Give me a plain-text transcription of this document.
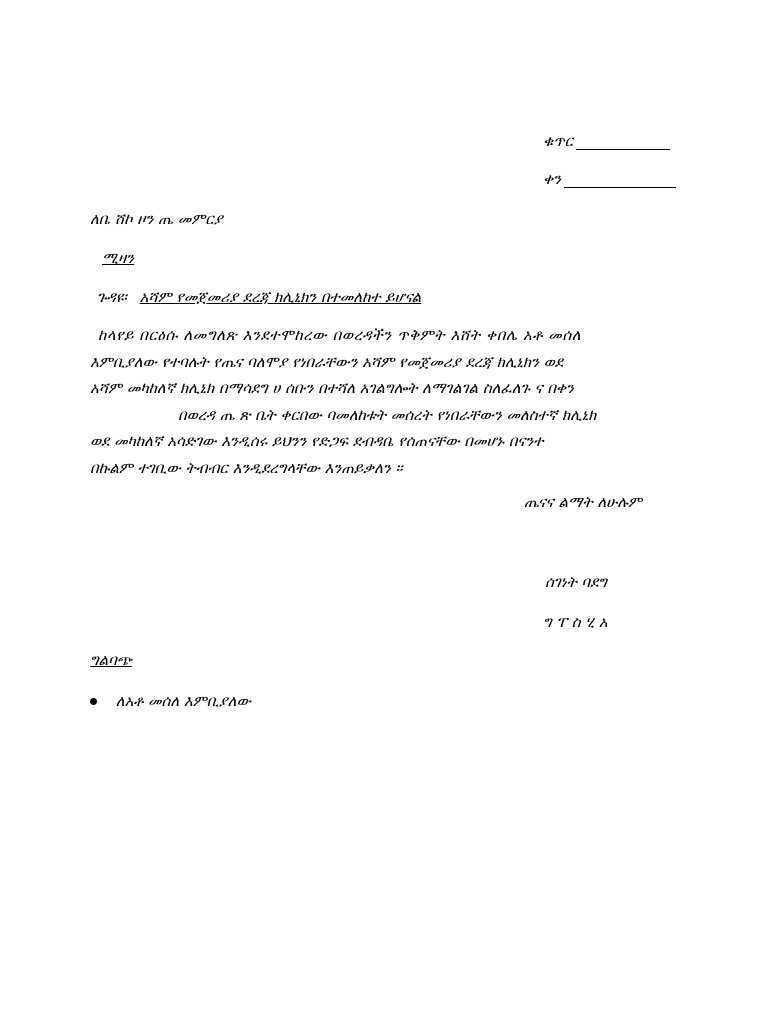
ቁጥር
ቀን
ለቤ ሸኮ ዞን ጤ መምርያ
ሚዛን
ጉዳዩ፡ አሻም የመጀመሪያ ደረጃ ክሊኒክን በተመለከተ ይሆናል
ከላየይ በርዕሱ ለመግለጽ እንደተሞከረው በወረዳችን ጥቅምት እሸት ቀበሌ አቶ መሰለ
እምቢያለው የተባሉት የጤና ባለሞያ የነበራቸውን አሻም የመጀመሪያ ደረጃ ክሊኒክን ወደ
አሻም መካከለኛ ክሊኒክ በማሳደግ ሀ ሰቡን በተሻለ አገልግሎት ለማገልገል ስለፈለጉ ና በቀን
በወረዳ ጤ ጽ ቤት ቀርበው ባመለከቱት መሰረት የነበራቸውን መለስተኛ ክሊኒክ
ወደ መካከለኛ አሳድገው እንዲሰሩ ይህንን የድጋፍ ደብዳቤ የሰጠናቸው በመሆኑ በናንተ
በኩልም ተገቢው ትብብር እንዲደረግላቸው እንጠይቃለን ፡፡
ጤናና ልማት ለሁሉም
ሰገነት ባደግ
ግ ፐ ስ ሂ አ
ግልባጭ
ለአቶ መሰለ እምቢያለው
